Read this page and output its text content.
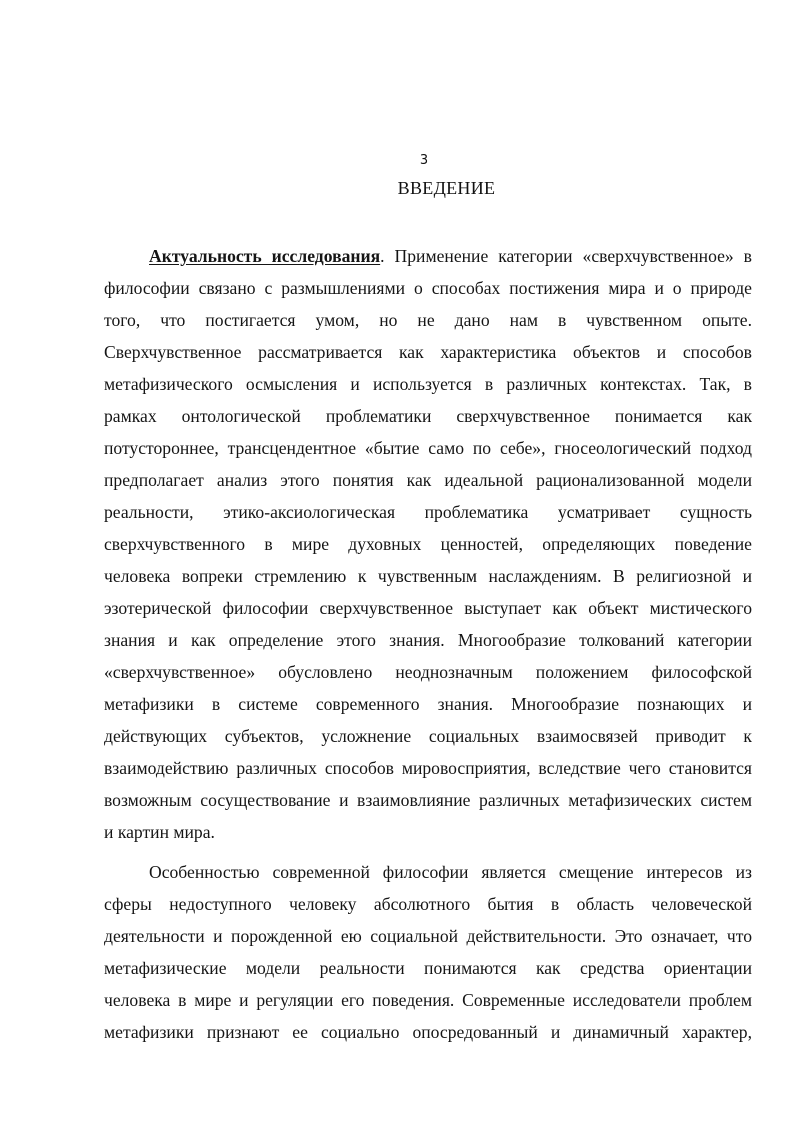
3
ВВЕДЕНИЕ
Актуальность исследования. Применение категории «сверхчувственное» в
философии связано с размышлениями о способах постижения мира и о природе
того, что постигается умом, но не дано нам в чувственном опыте.
Сверхчувственное рассматривается как характеристика объектов и способов
метафизического осмысления и используется в различных контекстах. Так, в
рамках онтологической проблематики сверхчувственное понимается как
потустороннее, трансцендентное «бытие само по себе», гносеологический подход
предполагает анализ этого понятия как идеальной рационализованной модели
реальности, этико-аксиологическая проблематика усматривает сущность
сверхчувственного в мире духовных ценностей, определяющих поведение
человека вопреки стремлению к чувственным наслаждениям. В религиозной и
эзотерической философии сверхчувственное выступает как объект мистического
знания и как определение этого знания. Многообразие толкований категории
«сверхчувственное» обусловлено неоднозначным положением философской
метафизики в системе современного знания. Многообразие познающих и
действующих субъектов, усложнение социальных взаимосвязей приводит к
взаимодействию различных способов мировосприятия, вследствие чего становится
возможным сосуществование и взаимовлияние различных метафизических систем
и картин мира.
Особенностью современной философии является смещение интересов из
сферы недоступного человеку абсолютного бытия в область человеческой
деятельности и порожденной ею социальной действительности. Это означает, что
метафизические модели реальности понимаются как средства ориентации
человека в мире и регуляции его поведения. Современные исследователи проблем
метафизики признают ее социально опосредованный и динамичный характер,
